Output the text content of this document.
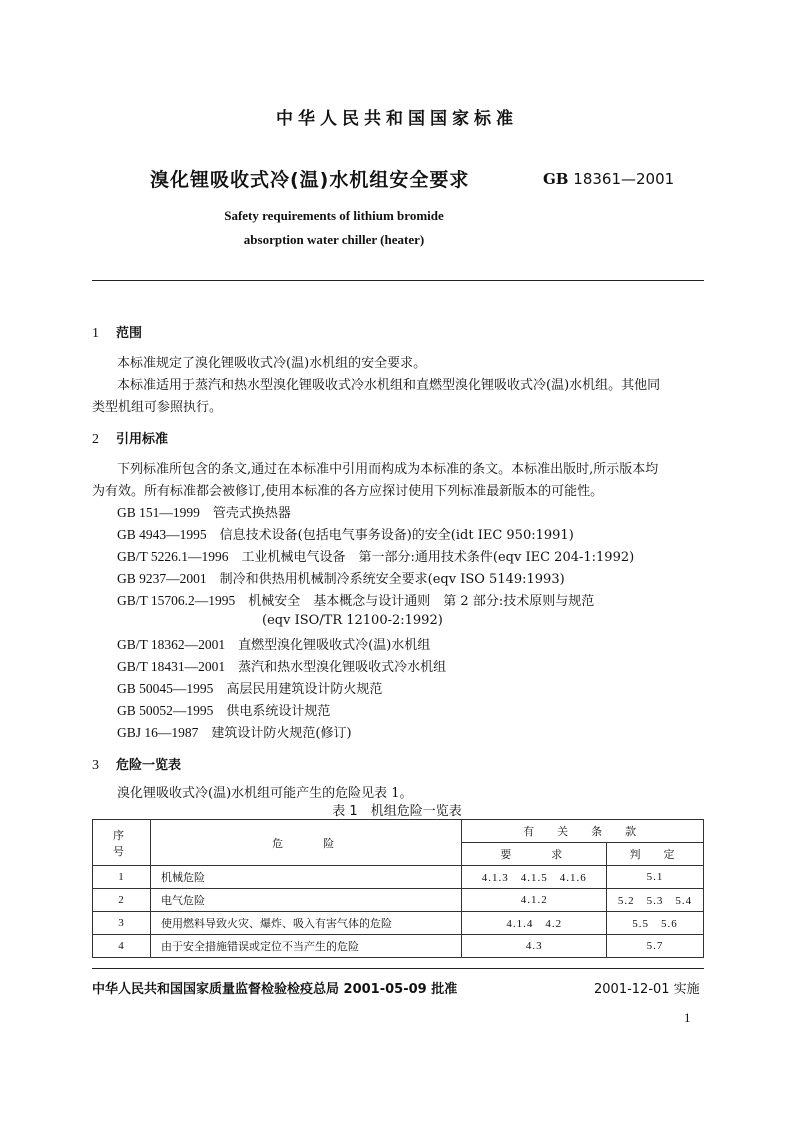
中华人民共和国国家标准
溴化锂吸收式冷(温)水机组安全要求	GB 18361—2001
Safety requirements of lithium bromide
absorption water chiller (heater)
1 范围
本标准规定了溴化锂吸收式冷(温)水机组的安全要求。
本标准适用于蒸汽和热水型溴化锂吸收式冷水机组和直燃型溴化锂吸收式冷(温)水机组。其他同
类型机组可参照执行。
2 引用标准
下列标准所包含的条文,通过在本标准中引用而构成为本标准的条文。本标准出版时,所示版本均
为有效。所有标准都会被修订,使用本标准的各方应探讨使用下列标准最新版本的可能性。
GB 151—1999　 管壳式换热器
GB 4943—1995　 信息技术设备(包括电气事务设备)的安全(idt IEC 950:1991)
GB/T 5226.1—1996　 工业机械电气设备　第一部分:通用技术条件(eqv IEC 204-1:1992)
GB 9237—2001　 制冷和供热用机械制冷系统安全要求(eqv ISO 5149:1993)
GB/T 15706.2—1995　 机械安全　基本概念与设计通则　第 2 部分:技术原则与规范
(eqv ISO/TR 12100-2:1992)
GB/T 18362—2001　 直燃型溴化锂吸收式冷(温)水机组
GB/T 18431—2001　 蒸汽和热水型溴化锂吸收式冷水机组
GB 50045—1995　 高层民用建筑设计防火规范
GB 50052—1995　 供电系统设计规范
GBJ 16—1987　 建筑设计防火规范(修订)
3 危险一览表
溴化锂吸收式冷(温)水机组可能产生的危险见表 1。
表 1　机组危险一览表
序　号	危　　险	有　关　条　款	
		要　　求	判　定
1	机械危险	4.1.3　4.1.5　4.1.6	5.1
2	电气危险	4.1.2	5.2　5.3　5.4
3	使用燃料导致火灾、爆炸、吸入有害气体的危险	4.1.4　4.2	5.5　5.6
4	由于安全措施错误或定位不当产生的危险	4.3	5.7
中华人民共和国国家质量监督检验检疫总局 2001-05-09 批准	2001-12-01 实施
1
